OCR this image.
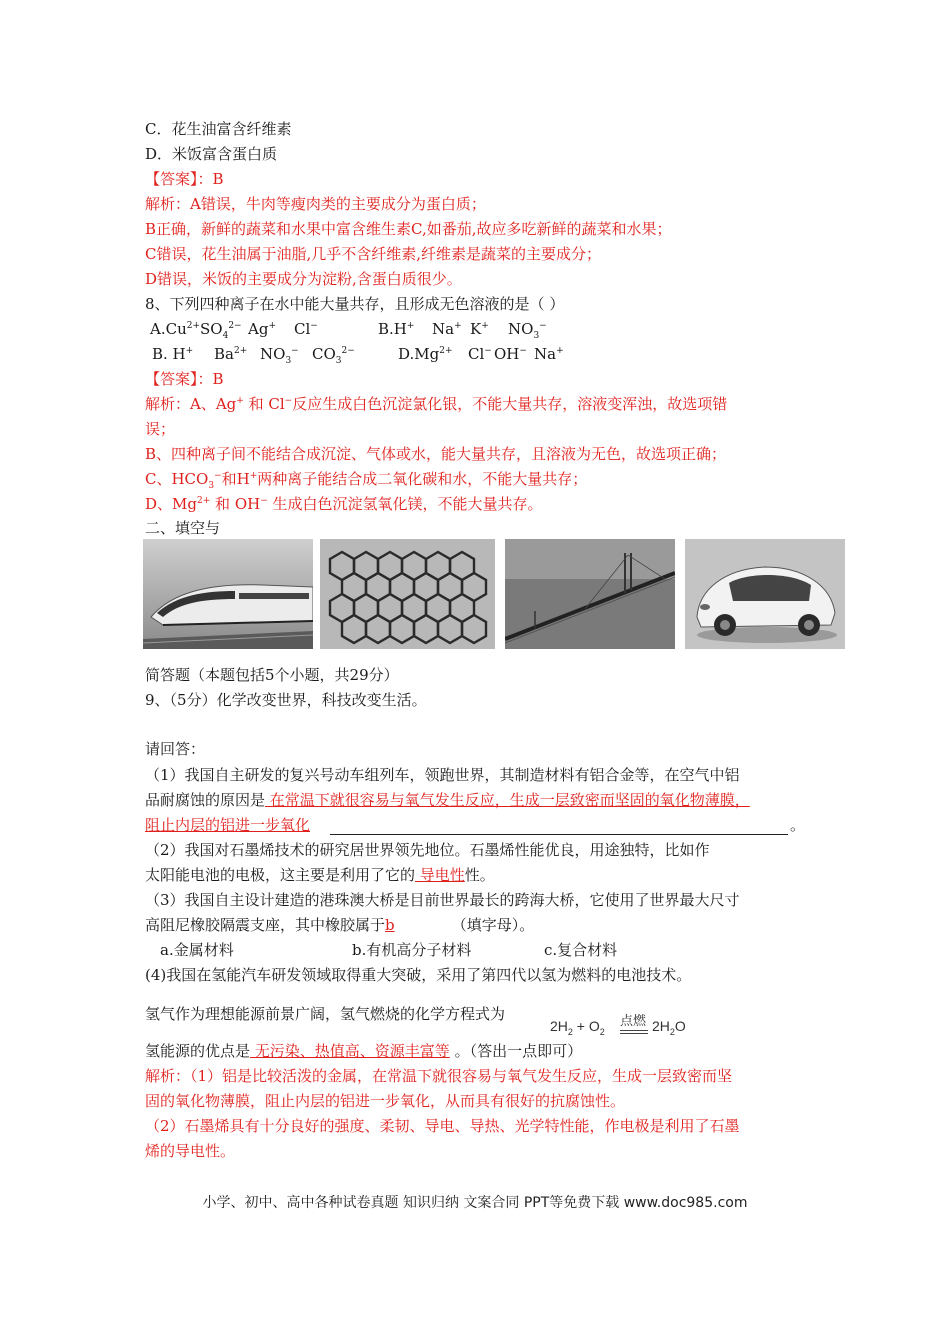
C．花生油富含纤维素
D．米饭富含蛋白质
【答案】：B
解析：A错误，牛肉等瘦肉类的主要成分为蛋白质；
B正确，新鲜的蔬菜和水果中富含维生素C,如番茄,故应多吃新鲜的蔬菜和水果；
C错误，花生油属于油脂,几乎不含纤维素,纤维素是蔬菜的主要成分；
D错误，米饭的主要成分为淀粉,含蛋白质很少。
8、下列四种离子在水中能大量共存，且形成无色溶液的是（ ）
$A.Cu^{2+}SO_4^{2-}$ Ag+ Cl−	B.H+ Na+ K+ $NO_3^-$
B. H+ $Ba^{2+}$ $NO_3^-$ $CO_3^{2-}$	$D.Mg^{2+}$ Cl− OH− Na+
【答案】：B
解析：A、Ag+ 和 Cl−反应生成白色沉淀氯化银，不能大量共存，溶液变浑浊，故选项错
误；
B、四种离子间不能结合成沉淀、气体或水，能大量共存，且溶液为无色，故选项正确；
C、$HCO_3^-$和H+两种离子能结合成二氧化碳和水，不能大量共存；
D、$Mg^{2+}$ 和 OH− 生成白色沉淀氢氧化镁，不能大量共存。
二、填空与
简答题（本题包括5个小题，共29分）
9、（5分）化学改变世界，科技改变生活。
请回答：
（1）我国自主研发的复兴号动车组列车，领跑世界，其制造材料有铝合金等，在空气中铝
品耐腐蚀的原因是 在常温下就很容易与氧气发生反应，生成一层致密而坚固的氧化物薄膜，
阻止内层的铝进一步氧化	。
（2）我国对石墨烯技术的研究居世界领先地位。石墨烯性能优良，用途独特，比如作
太阳能电池的电极，这主要是利用了它的 导电性性。
（3）我国自主设计建造的港珠澳大桥是目前世界最长的跨海大桥，它使用了世界最大尺寸
高阻尼橡胶隔震支座，其中橡胶属于b	（填字母）。
a.金属材料	b.有机高分子材料	c.复合材料
(4)我国在氢能汽车研发领域取得重大突破，采用了第四代以氢为燃料的电池技术。
氢气作为理想能源前景广阔，氢气燃烧的化学方程式为
$2H_2 + O_2$
点燃 $2H_2O$
氢能源的优点是 无污染、热值高、资源丰富等 。（答出一点即可）
解析：（1）铝是比较活泼的金属，在常温下就很容易与氧气发生反应，生成一层致密而坚
固的氧化物薄膜，阻止内层的铝进一步氧化，从而具有很好的抗腐蚀性。
（2）石墨烯具有十分良好的强度、柔韧、导电、导热、光学特性能，作电极是利用了石墨
烯的导电性。
小学、初中、高中各种试卷真题 知识归纳 文案合同 PPT等免费下载 www.doc985.com
